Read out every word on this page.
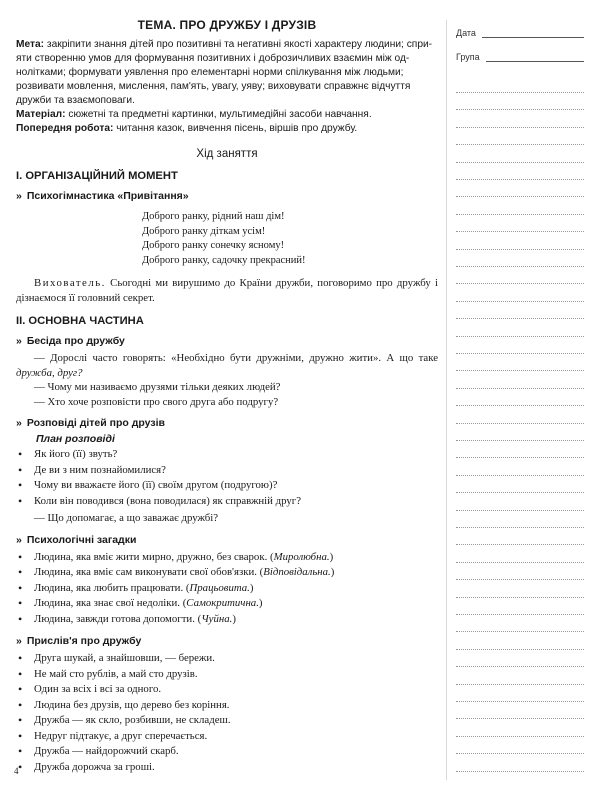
Дата
Група
ТЕМА. ПРО ДРУЖБУ І ДРУЗІВ

Мета: закріпити знання дітей про позитивні та негативні якості характеру людини; спри-яти створенню умов для формування позитивних і доброзичливих взаємин між од-нолітками; формувати уявлення про елементарні норми спілкування між людьми; розвивати мовлення, мислення, пам'ять, увагу, уяву; виховувати справжнє відчуття дружби та взаємоповаги.

Матеріал: сюжетні та предметні картинки, мультимедійні засоби навчання.

Попередня робота: читання казок, вивчення пісень, віршів про дружбу.

Хід заняття
I. ОРГАНІЗАЦІЙНИЙ МОМЕНТ
» Психогімнастика «Привітання»
Доброго ранку, рідний наш дім!
Доброго ранку діткам усім!
Доброго ранку сонечку ясному!
Доброго ранку, садочку прекрасний!

Вихователь. Сьогодні ми вирушимо до Країни дружби, поговоримо про дружбу і дізнаємося її головний секрет.

II. ОСНОВНА ЧАСТИНА
» Бесіда про дружбу

— Дорослі часто говорять: «Необхідно бути дружніми, дружно жити». А що таке дружба, друг?

— Чому ми називаємо друзями тільки деяких людей?

— Хто хоче розповісти про свого друга або подругу?

» Розповіді дітей про друзів
План розповіді
• Як його (її) звуть?
• Де ви з ним познайомилися?
• Чому ви вважаєте його (її) своїм другом (подругою)?
• Коли він поводився (вона поводилася) як справжній друг?

— Що допомагає, а що заважає дружбі?

» Психологічні загадки
• Людина, яка вміє жити мирно, дружно, без сварок. (Миролюбна.)
• Людина, яка вміє сам виконувати свої обов'язки. (Відповідальна.)
• Людина, яка любить працювати. (Працьовита.)
• Людина, яка знає свої недоліки. (Самокритична.)
• Людина, завжди готова допомогти. (Чуйна.)
» Прислів'я про дружбу
• Друга шукай, а знайшовши, — бережи.
• Не май сто рублів, а май сто друзів.
• Один за всіх і всі за одного.
• Людина без друзів, що дерево без коріння.
• Дружба — як скло, розбивши, не складеш.
• Недруг підтакує, а друг сперечається.
• Дружба — найдорожчий скарб.
• Дружба дорожча за гроші.
4
